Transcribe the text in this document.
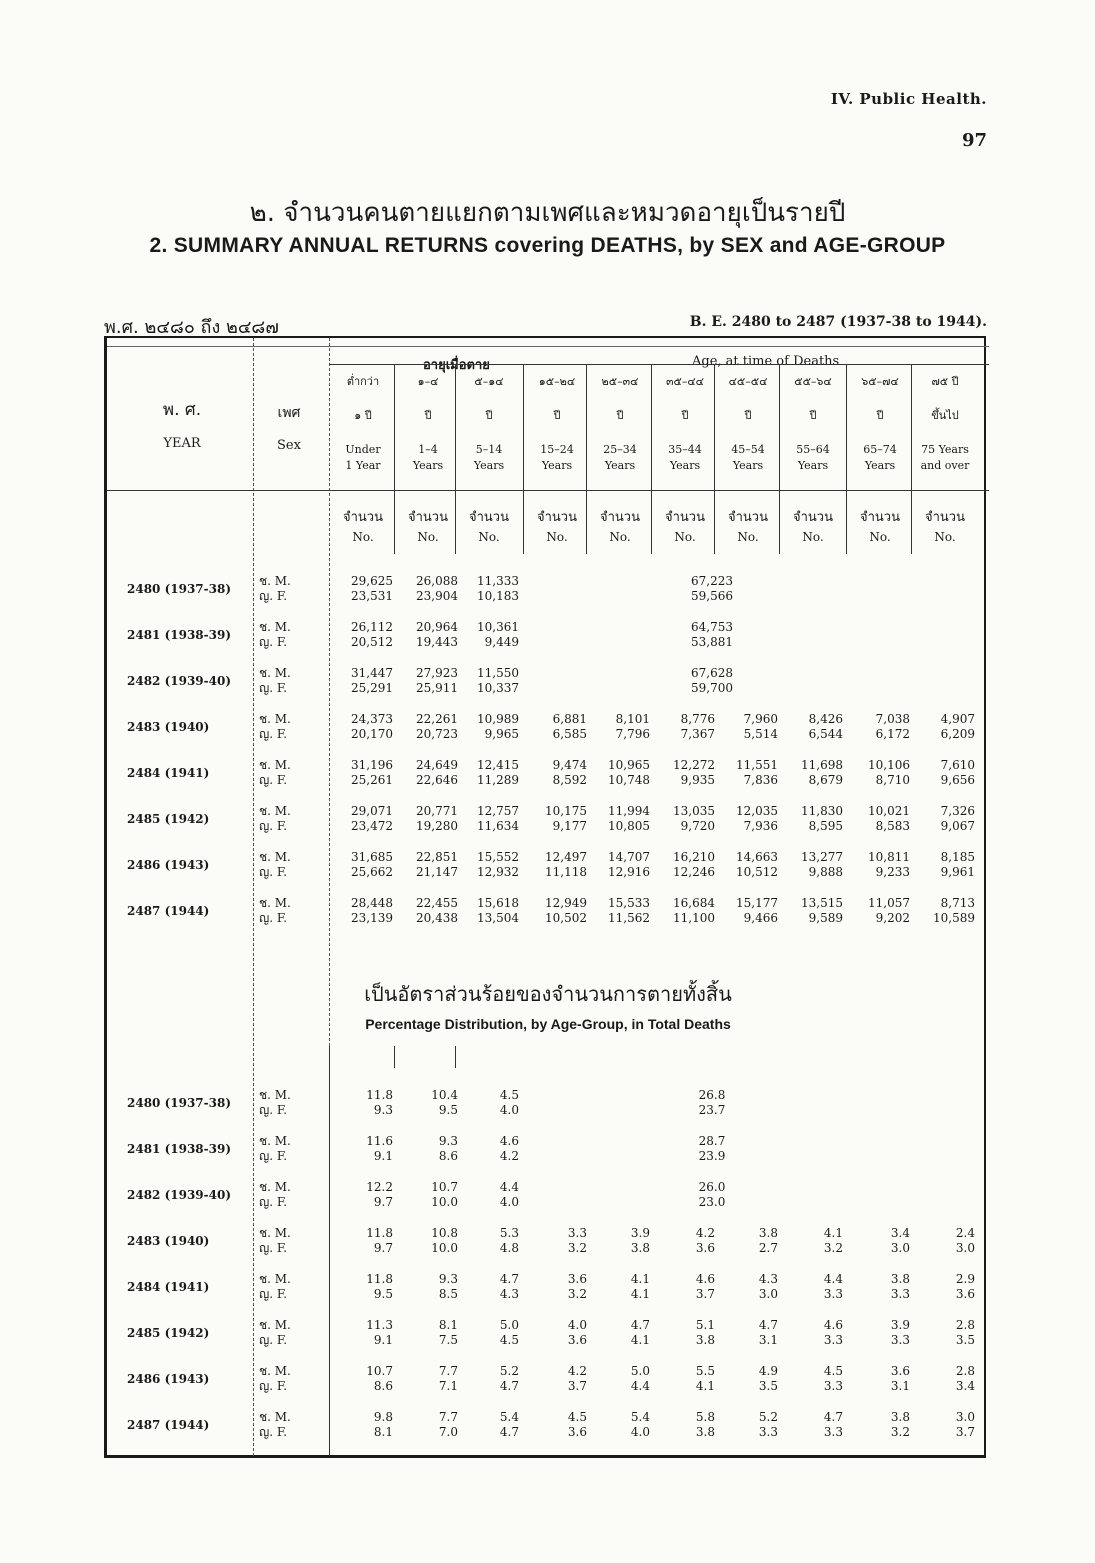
IV. Public Health.
97
๒. จำนวนคนตายแยกตามเพศและหมวดอายุเป็นรายปี
2. SUMMARY ANNUAL RETURNS covering DEATHS, by SEX and AGE-GROUP
พ.ศ. ๒๔๘๐ ถึง ๒๔๘๗	B. E. 2480 to 2487 (1937-38 to 1944).
อายุเมื่อตาย	Age, at time of Deaths
พ. ศ.
YEAR
เพศ
Sex
เป็นอัตราส่วนร้อยของจำนวนการตายทั้งสิ้น
Percentage Distribution, by Age-Group, in Total Deaths
ต่ำกว่า
๑ ปี
Under
1 Year
จำนวน
No.
๑–๔
ปี
1–4
Years
จำนวน
No.
๕–๑๔
ปี
5–14
Years
จำนวน
No.
๑๕–๒๔
ปี
15–24
Years
จำนวน
No.
๒๕–๓๔
ปี
25–34
Years
จำนวน
No.
๓๕–๔๔
ปี
35–44
Years
จำนวน
No.
๔๕–๕๔
ปี
45–54
Years
จำนวน
No.
๕๕–๖๔
ปี
55–64
Years
จำนวน
No.
๖๕–๗๔
ปี
65–74
Years
จำนวน
No.
๗๕ ปี
ขึ้นไป
75 Years
and over
จำนวน
No.
2480 (1937-38)
ช. M.
ญ. F.
29,625
23,531
26,088
23,904
11,333
10,183
67,223
59,566
2481 (1938-39)
ช. M.
ญ. F.
26,112
20,512
20,964
19,443
10,361
9,449
64,753
53,881
2482 (1939-40)
ช. M.
ญ. F.
31,447
25,291
27,923
25,911
11,550
10,337
67,628
59,700
2483 (1940)
ช. M.
ญ. F.
24,373
20,170
22,261
20,723
10,989
9,965
6,881
6,585
8,101
7,796
8,776
7,367
7,960
5,514
8,426
6,544
7,038
6,172
4,907
6,209
2484 (1941)
ช. M.
ญ. F.
31,196
25,261
24,649
22,646
12,415
11,289
9,474
8,592
10,965
10,748
12,272
9,935
11,551
7,836
11,698
8,679
10,106
8,710
7,610
9,656
2485 (1942)
ช. M.
ญ. F.
29,071
23,472
20,771
19,280
12,757
11,634
10,175
9,177
11,994
10,805
13,035
9,720
12,035
7,936
11,830
8,595
10,021
8,583
7,326
9,067
2486 (1943)
ช. M.
ญ. F.
31,685
25,662
22,851
21,147
15,552
12,932
12,497
11,118
14,707
12,916
16,210
12,246
14,663
10,512
13,277
9,888
10,811
9,233
8,185
9,961
2487 (1944)
ช. M.
ญ. F.
28,448
23,139
22,455
20,438
15,618
13,504
12,949
10,502
15,533
11,562
16,684
11,100
15,177
9,466
13,515
9,589
11,057
9,202
8,713
10,589
2480 (1937-38)
ช. M.
ญ. F.
11.8
9.3
10.4
9.5
4.5
4.0
26.8
23.7
2481 (1938-39)
ช. M.
ญ. F.
11.6
9.1
9.3
8.6
4.6
4.2
28.7
23.9
2482 (1939-40)
ช. M.
ญ. F.
12.2
9.7
10.7
10.0
4.4
4.0
26.0
23.0
2483 (1940)
ช. M.
ญ. F.
11.8
9.7
10.8
10.0
5.3
4.8
3.3
3.2
3.9
3.8
4.2
3.6
3.8
2.7
4.1
3.2
3.4
3.0
2.4
3.0
2484 (1941)
ช. M.
ญ. F.
11.8
9.5
9.3
8.5
4.7
4.3
3.6
3.2
4.1
4.1
4.6
3.7
4.3
3.0
4.4
3.3
3.8
3.3
2.9
3.6
2485 (1942)
ช. M.
ญ. F.
11.3
9.1
8.1
7.5
5.0
4.5
4.0
3.6
4.7
4.1
5.1
3.8
4.7
3.1
4.6
3.3
3.9
3.3
2.8
3.5
2486 (1943)
ช. M.
ญ. F.
10.7
8.6
7.7
7.1
5.2
4.7
4.2
3.7
5.0
4.4
5.5
4.1
4.9
3.5
4.5
3.3
3.6
3.1
2.8
3.4
2487 (1944)
ช. M.
ญ. F.
9.8
8.1
7.7
7.0
5.4
4.7
4.5
3.6
5.4
4.0
5.8
3.8
5.2
3.3
4.7
3.3
3.8
3.2
3.0
3.7
